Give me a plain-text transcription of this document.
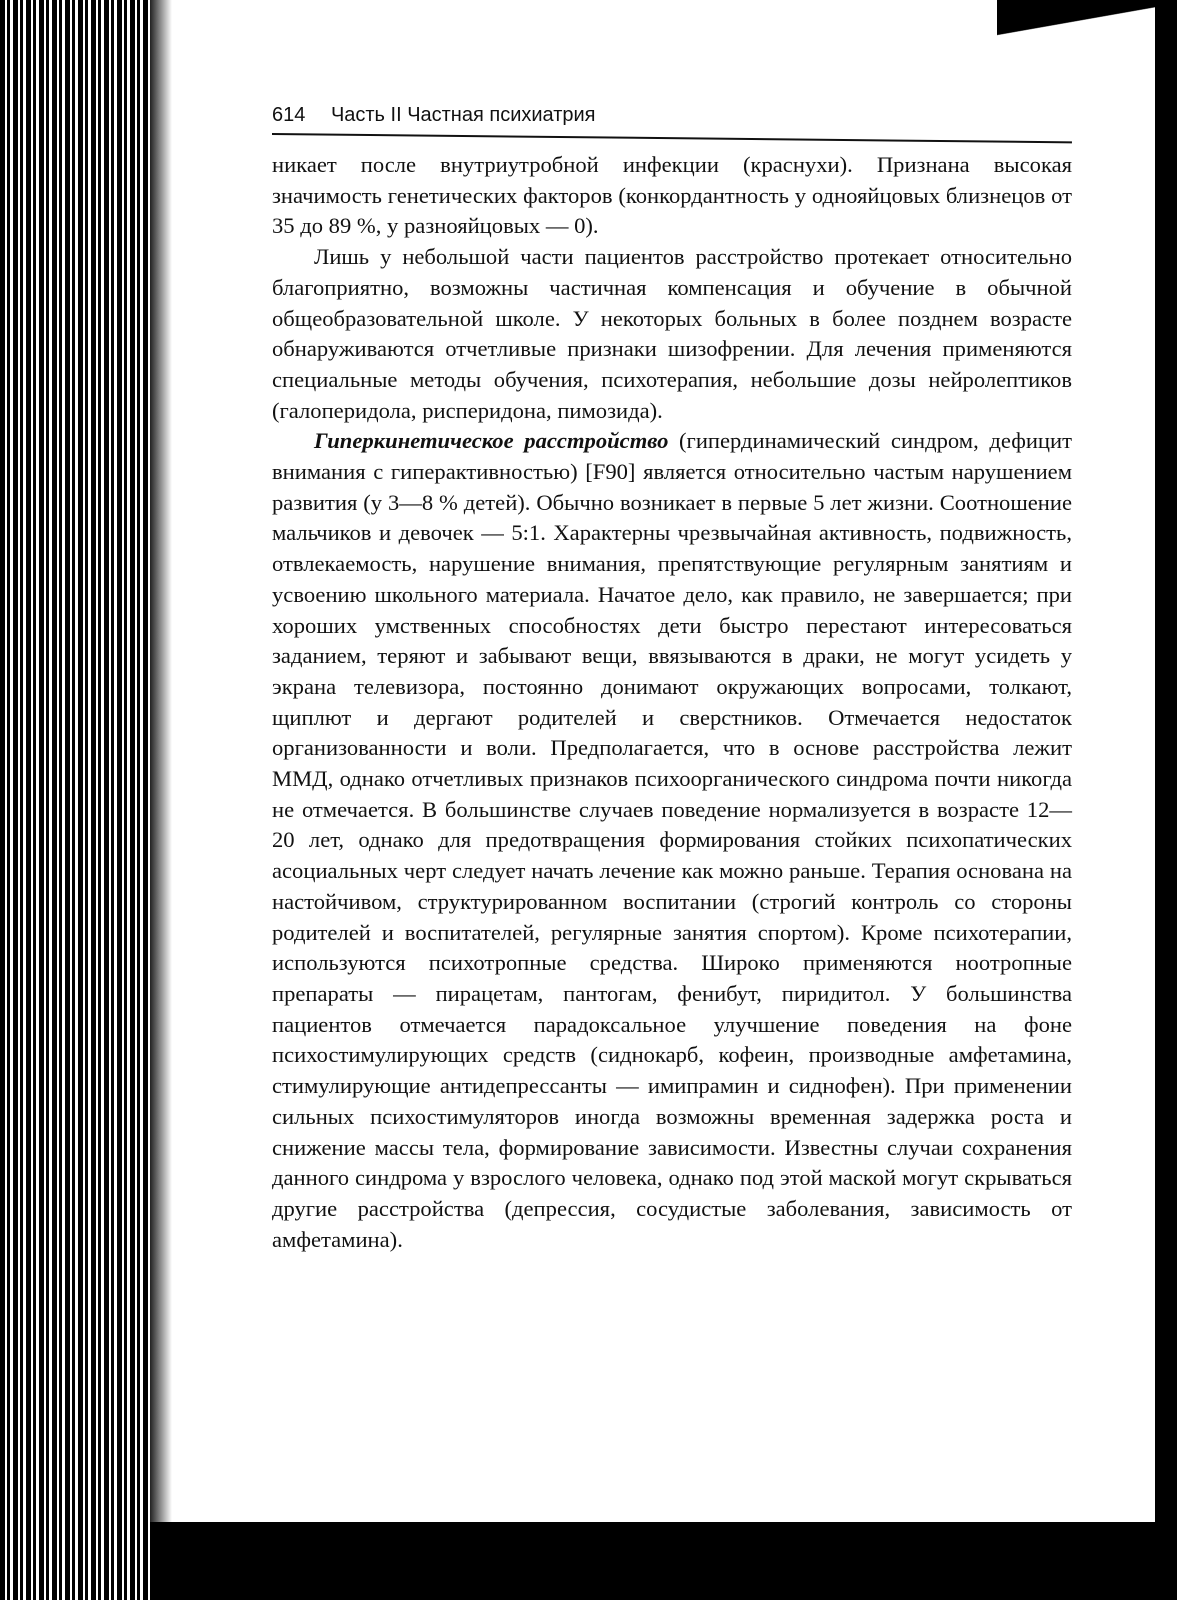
614 Часть II Частная психиатрия

никает после внутриутробной инфекции (краснухи). Признана высокая значимость генетических факторов (конкордантность у однояйцовых близнецов от 35 до 89 %, у разнояйцовых — 0).

Лишь у небольшой части пациентов расстройство протекает относительно благоприятно, возможны частичная компенсация и обучение в обычной общеобразовательной школе. У некоторых больных в более позднем возрасте обнаруживаются отчетливые признаки шизофрении. Для лечения применяются специальные методы обучения, психотерапия, небольшие дозы нейролептиков (галоперидола, рисперидона, пимозида).

Гиперкинетическое расстройство (гипердинамический синдром, дефицит внимания с гиперактивностью) [F90] является относительно частым нарушением развития (у 3—8 % детей). Обычно возникает в первые 5 лет жизни. Соотношение мальчиков и девочек — 5:1. Характерны чрезвычайная активность, подвижность, отвлекаемость, нарушение внимания, препятствующие регулярным занятиям и усвоению школьного материала. Начатое дело, как правило, не завершается; при хороших умственных способностях дети быстро перестают интересоваться заданием, теряют и забывают вещи, ввязываются в драки, не могут усидеть у экрана телевизора, постоянно донимают окружающих вопросами, толкают, щиплют и дергают родителей и сверстников. Отмечается недостаток организованности и воли. Предполагается, что в основе расстройства лежит ММД, однако отчетливых признаков психоорганического синдрома почти никогда не отмечается. В большинстве случаев поведение нормализуется в возрасте 12—20 лет, однако для предотвращения формирования стойких психопатических асоциальных черт следует начать лечение как можно раньше. Терапия основана на настойчивом, структурированном воспитании (строгий контроль со стороны родителей и воспитателей, регулярные занятия спортом). Кроме психотерапии, используются психотропные средства. Широко применяются ноотропные препараты — пирацетам, пантогам, фенибут, пиридитол. У большинства пациентов отмечается парадоксальное улучшение поведения на фоне психостимулирующих средств (сиднокарб, кофеин, производные амфетамина, стимулирующие антидепрессанты — имипрамин и сиднофен). При применении сильных психостимуляторов иногда возможны временная задержка роста и снижение массы тела, формирование зависимости. Известны случаи сохранения данного синдрома у взрослого человека, однако под этой маской могут скрываться другие расстройства (депрессия, сосудистые заболевания, зависимость от амфетамина).
